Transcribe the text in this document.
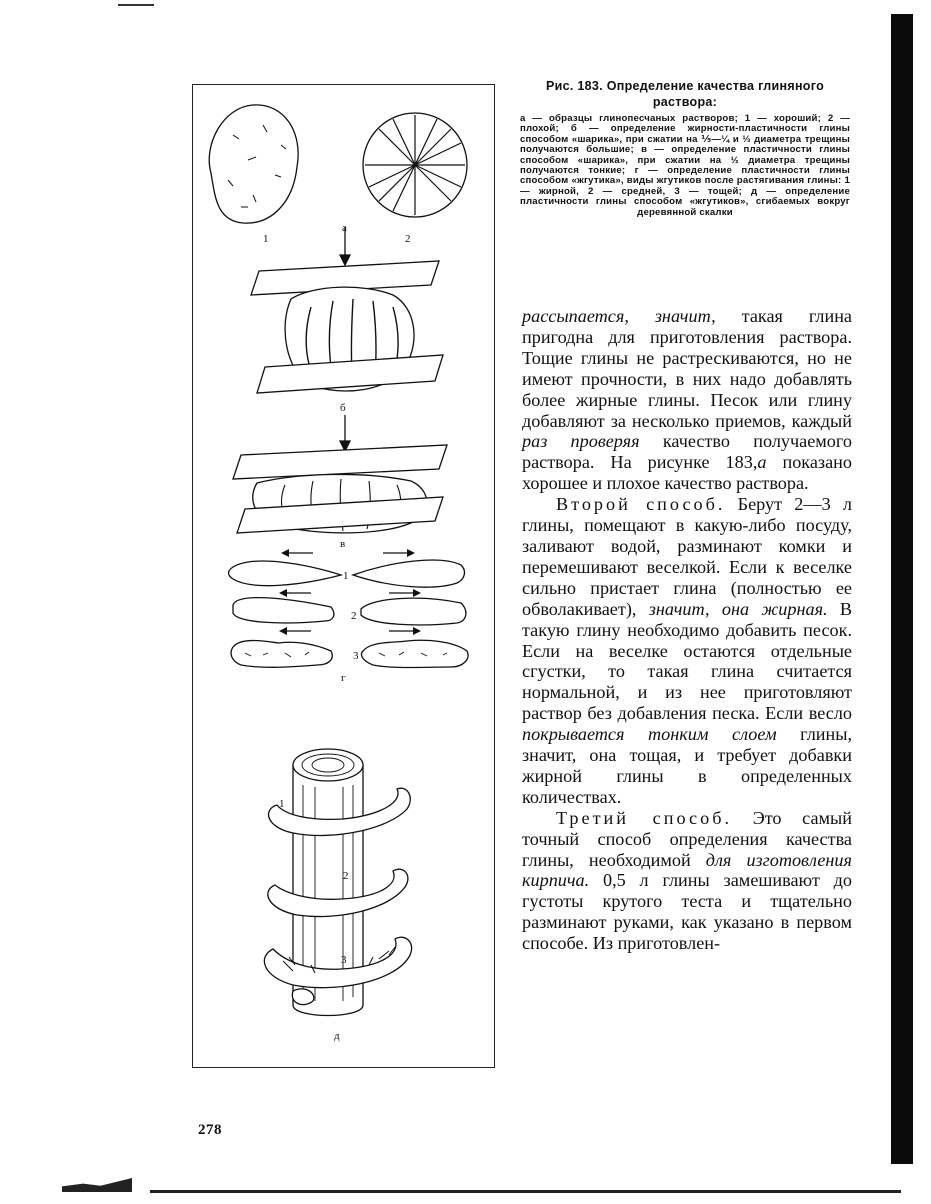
1
а
2
б
в
1
2
3
г
1
2
3
д
Рис. 183. Определение качества глиняного раствора:
а — образцы глинопесчаных растворов; 1 — хороший; 2 — плохой; б — определение жирности-пластичности глины способом «шарика», при сжатии на ⅕—¼ и ⅓ диаметра трещины получаются большие; в — определение пластичности глины способом «шарика», при сжатии на ½ диаметра трещины получаются тонкие; г — определение пластичности глины способом «жгутика», виды жгутиков после растягивания глины: 1 — жирной, 2 — средней, 3 — тощей; д — определение пластичности глины способом «жгутиков», сгибаемых вокруг деревянной скалки

рассыпается, значит, такая глина пригодна для приготовления раствора. Тощие глины не растрескиваются, но не имеют прочности, в них надо добавлять более жирные глины. Песок или глину добавляют за несколько приемов, каждый раз проверяя качество получаемого раствора. На рисунке 183,а показано хорошее и плохое качество раствора.

Второй способ. Берут 2—3 л глины, помещают в какую-либо посуду, заливают водой, разминают комки и перемешивают веселкой. Если к веселке сильно пристает глина (полностью ее обволакивает), значит, она жирная. В такую глину необходимо добавить песок. Если на веселке остаются отдельные сгустки, то такая глина считается нормальной, и из нее приготовляют раствор без добавления песка. Если весло покрывается тонким слоем глины, значит, она тощая, и требует добавки жирной глины в определенных количествах.

Третий способ. Это самый точный способ определения качества глины, необходимой для изготовления кирпича. 0,5 л глины замешивают до густоты крутого теста и тщательно разминают руками, как указано в первом способе. Из приготовлен-

278
